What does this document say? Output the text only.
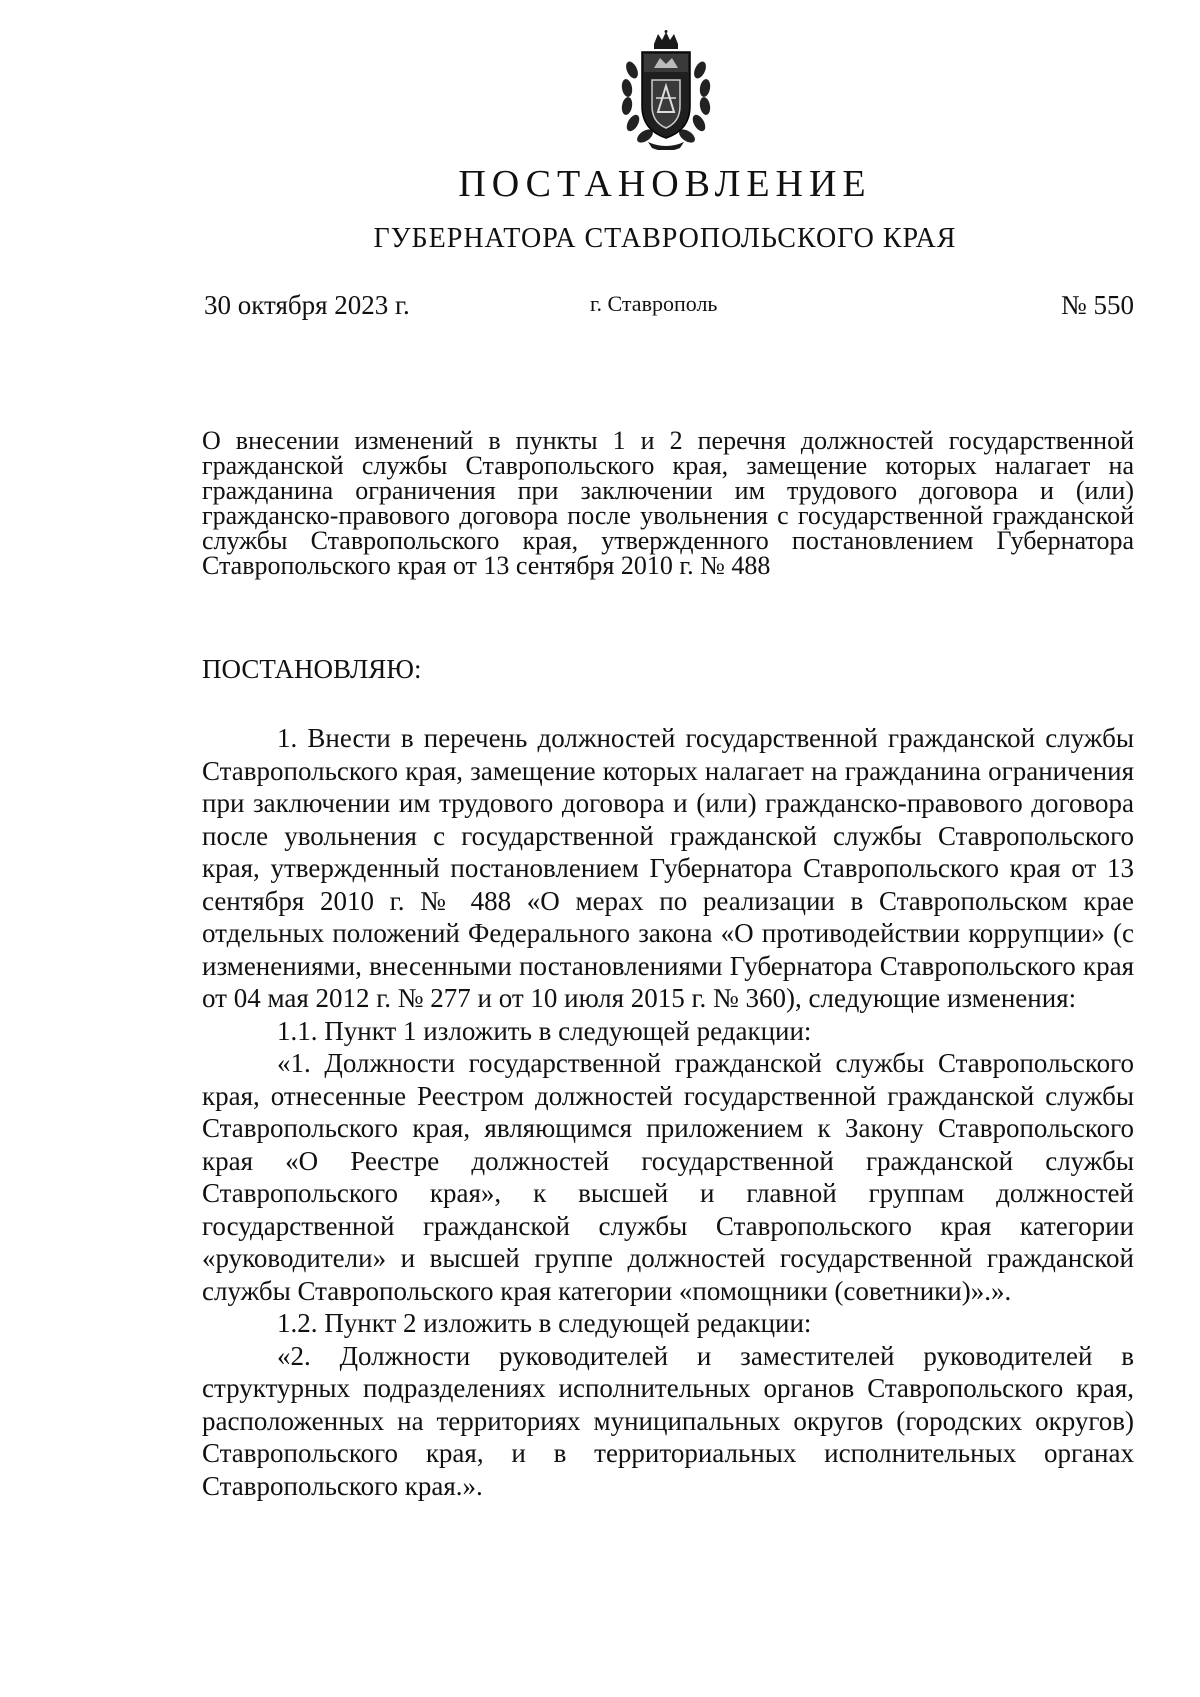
ПОСТАНОВЛЕНИЕ
ГУБЕРНАТОРА СТАВРОПОЛЬСКОГО КРАЯ
30 октября 2023 г.	г. Ставрополь	№ 550
О внесении изменений в пункты 1 и 2 перечня должностей государственной гражданской службы Ставропольского края, замещение которых налагает на гражданина ограничения при заключении им трудового договора и (или) гражданско-правового договора после увольнения с государственной гражданской службы Ставропольского края, утвержденного постановлением Губернатора Ставропольского края от 13 сентября 2010 г. № 488
ПОСТАНОВЛЯЮ:

1. Внести в перечень должностей государственной гражданской службы Ставропольского края, замещение которых налагает на гражданина ограничения при заключении им трудового договора и (или) гражданско-правового договора после увольнения с государственной гражданской службы Ставропольского края, утвержденный постановлением Губернатора Ставропольского края от 13 сентября 2010 г. № 488 «О мерах по реализации в Ставропольском крае отдельных положений Федерального закона «О противодействии коррупции» (с изменениями, внесенными постановлениями Губернатора Ставропольского края от 04 мая 2012 г. № 277 и от 10 июля 2015 г. № 360), следующие изменения:

1.1. Пункт 1 изложить в следующей редакции:

«1. Должности государственной гражданской службы Ставропольского края, отнесенные Реестром должностей государственной гражданской службы Ставропольского края, являющимся приложением к Закону Ставропольского края «О Реестре должностей государственной гражданской службы Ставропольского края», к высшей и главной группам должностей государственной гражданской службы Ставропольского края категории «руководители» и высшей группе должностей государственной гражданской службы Ставропольского края категории «помощники (советники)».».

1.2. Пункт 2 изложить в следующей редакции:

«2. Должности руководителей и заместителей руководителей в структурных подразделениях исполнительных органов Ставропольского края, расположенных на территориях муниципальных округов (городских округов) Ставропольского края, и в территориальных исполнительных органах Ставропольского края.».
